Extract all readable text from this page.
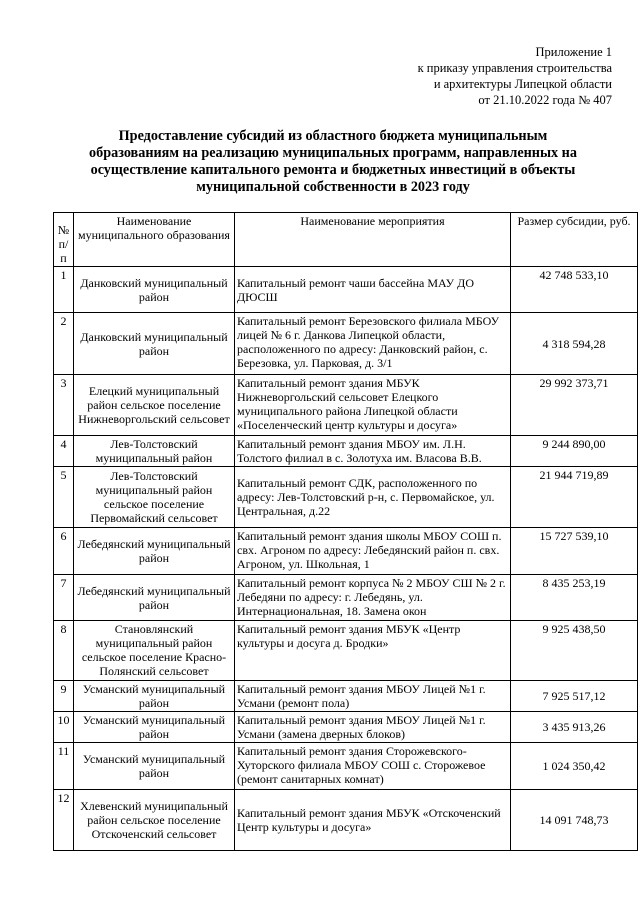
Приложение 1
к приказу управления строительства
и архитектуры Липецкой области
от 21.10.2022 года № 407
Предоставление субсидий из областного бюджета муниципальным
образованиям на реализацию муниципальных программ, направленных на
осуществление капитального ремонта и бюджетных инвестиций в объекты
муниципальной собственности в 2023 году
№ п/п	Наименование муниципального образования	Наименование мероприятия	Размер субсидии, руб.
1	Данковский муниципальный район	Капитальный ремонт чаши бассейна МАУ ДО ДЮСШ	42 748 533,10
2	Данковский муниципальный район	Капитальный ремонт Березовского филиала МБОУ лицей № 6 г. Данкова Липецкой области, расположенного по адресу: Данковский район, с. Березовка, ул. Парковая, д. 3/1	4 318 594,28
3	Елецкий муниципальный район сельское поселение Нижневоргольский сельсовет	Капитальный ремонт здания МБУК Нижневоргольский сельсовет Елецкого муниципального района Липецкой области «Поселенческий центр культуры и досуга»	29 992 373,71
4	Лев-Толстовский муниципальный район	Капитальный ремонт здания МБОУ им. Л.Н. Толстого филиал в с. Золотуха им. Власова В.В.	9 244 890,00
5	Лев-Толстовский муниципальный район сельское поселение Первомайский сельсовет	Капитальный ремонт СДК, расположенного по адресу: Лев-Толстовский р-н, с. Первомайское, ул. Центральная, д.22	21 944 719,89
6	Лебедянский муниципальный район	Капитальный ремонт здания школы МБОУ СОШ п. свх. Агроном по адресу: Лебедянский район п. свх. Агроном, ул. Школьная, 1	15 727 539,10
7	Лебедянский муниципальный район	Капитальный ремонт корпуса № 2 МБОУ СШ № 2 г. Лебедяни по адресу: г. Лебедянь, ул. Интернациональная, 18. Замена окон	8 435 253,19
8	Становлянский муниципальный район сельское поселение Красно-Полянский сельсовет	Капитальный ремонт здания МБУК «Центр культуры и досуга д. Бродки»	9 925 438,50
9	Усманский муниципальный район	Капитальный ремонт здания МБОУ Лицей №1 г. Усмани (ремонт пола)	7 925 517,12
10	Усманский муниципальный район	Капитальный ремонт здания МБОУ Лицей №1 г. Усмани (замена дверных блоков)	3 435 913,26
11	Усманский муниципальный район	Капитальный ремонт здания Сторожевского-Хуторского филиала МБОУ СОШ с. Сторожевое (ремонт санитарных комнат)	1 024 350,42
12	Хлевенский муниципальный район сельское поселение Отскоченский сельсовет	Капитальный ремонт здания МБУК «Отскоченский Центр культуры и досуга»	14 091 748,73
